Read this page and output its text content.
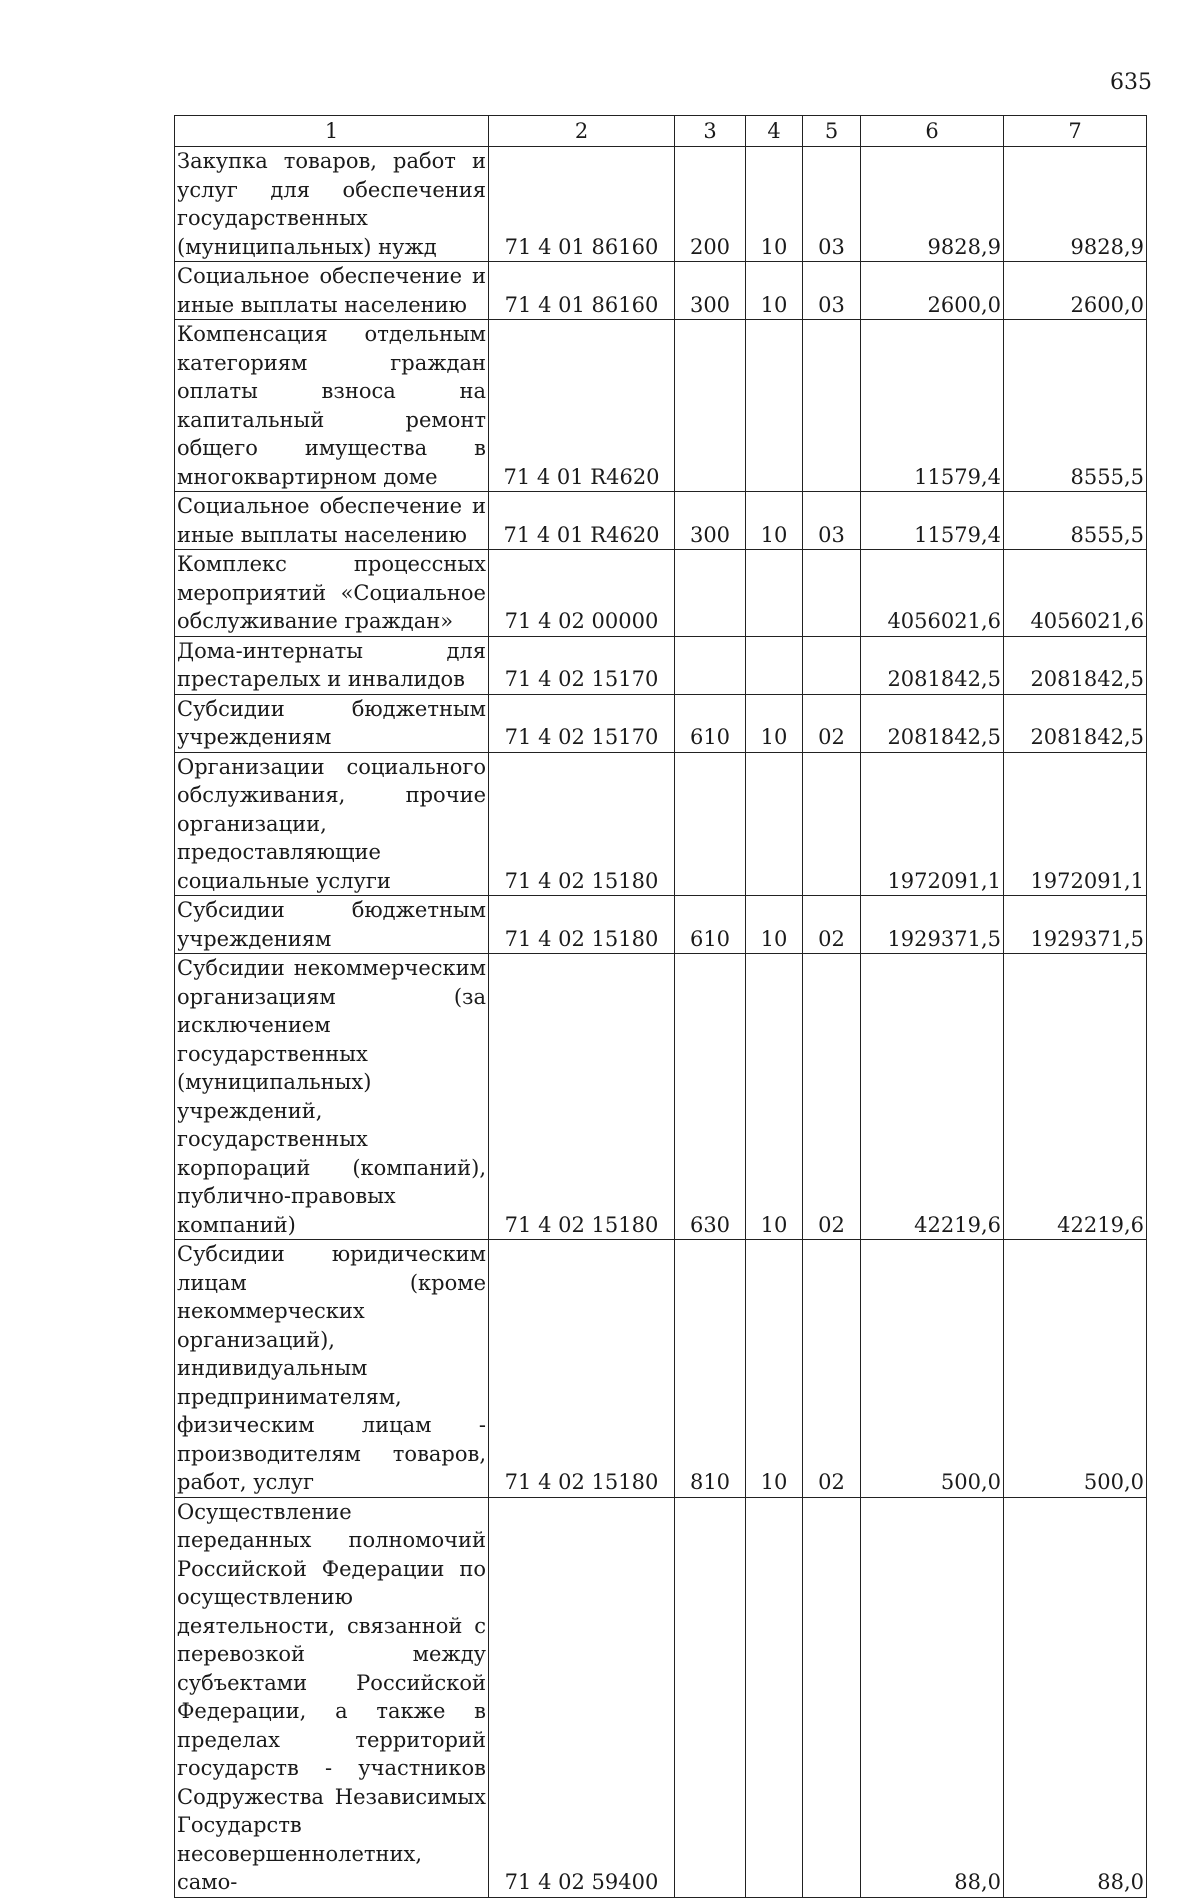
635
1	2	3	4	5	6	7
Закупка товаров, работ и услуг для обеспечения государственных (муниципальных) нужд	71 4 01 86160	200	10	03	9828,9	9828,9
Социальное обеспечение и иные выплаты населению	71 4 01 86160	300	10	03	2600,0	2600,0
Компенсация отдельным категориям граждан оплаты взноса на капитальный ремонт общего имущества в многоквартирном доме	71 4 01 R4620				11579,4	8555,5
Социальное обеспечение и иные выплаты населению	71 4 01 R4620	300	10	03	11579,4	8555,5
Комплекс процессных мероприятий «Социальное обслуживание граждан»	71 4 02 00000				4056021,6	4056021,6
Дома-интернаты для престарелых и инвалидов	71 4 02 15170				2081842,5	2081842,5
Субсидии бюджетным учреждениям	71 4 02 15170	610	10	02	2081842,5	2081842,5
Организации социального обслуживания, прочие организации, предоставляющие социальные услуги	71 4 02 15180				1972091,1	1972091,1
Субсидии бюджетным учреждениям	71 4 02 15180	610	10	02	1929371,5	1929371,5
Субсидии некоммерческим организациям (за исключением государственных (муниципальных) учреждений, государственных корпораций (компаний), публично-правовых компаний)	71 4 02 15180	630	10	02	42219,6	42219,6
Субсидии юридическим лицам (кроме некоммерческих организаций), индивидуальным предпринимателям, физическим лицам - производителям товаров, работ, услуг	71 4 02 15180	810	10	02	500,0	500,0
Осуществление переданных полномочий Российской Федерации по осуществлению деятельности, связанной с перевозкой между субъектами Российской Федерации, а также в пределах территорий государств - участников Содружества Независимых Государств несовершеннолетних, само-	71 4 02 59400				88,0	88,0
